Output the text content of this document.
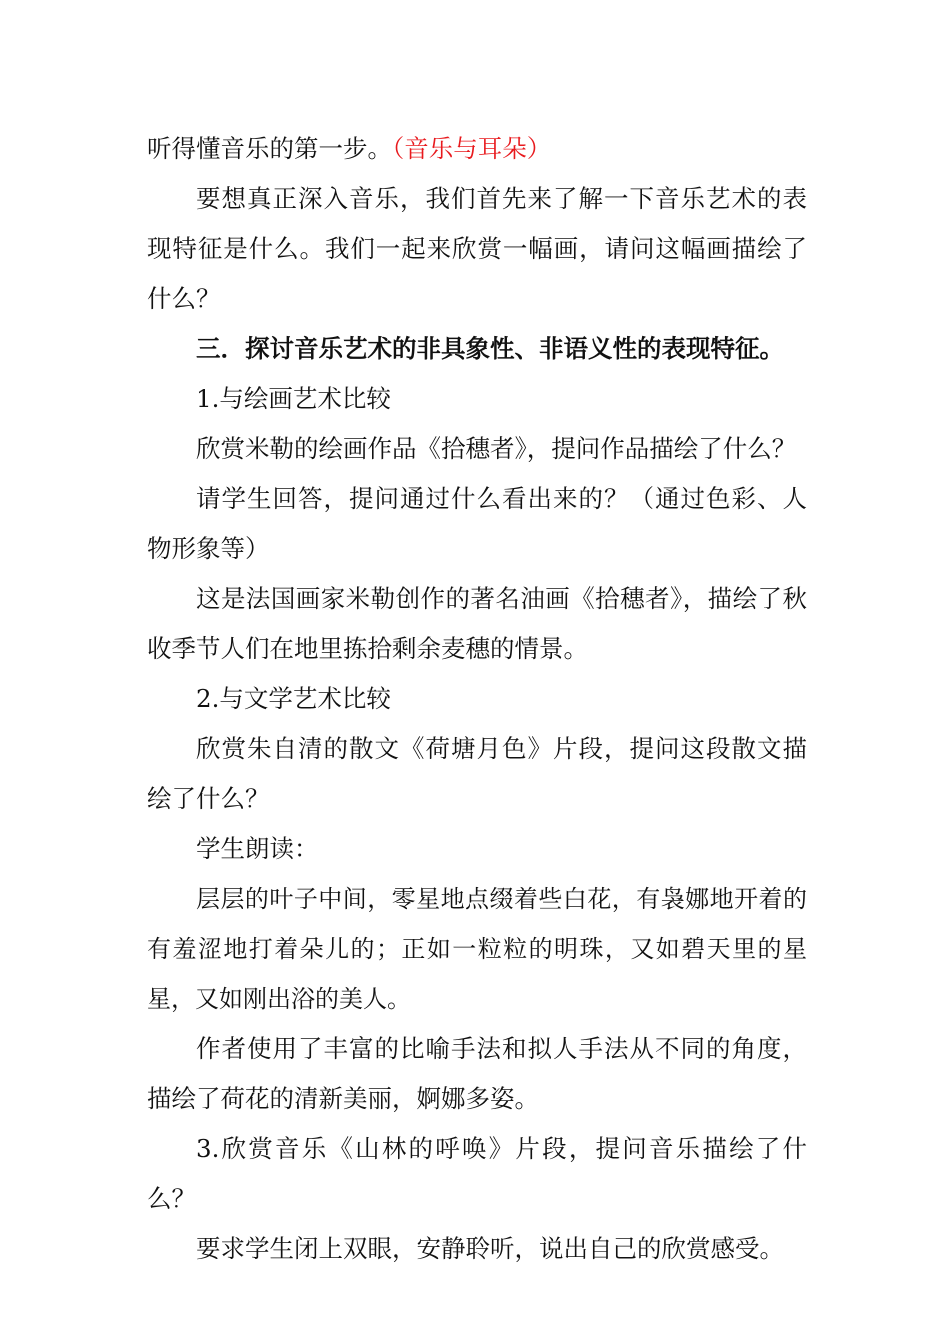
听得懂音乐的第一步。（音乐与耳朵）

要想真正深入音乐，我们首先来了解一下音乐艺术的表现特征是什么。我们一起来欣赏一幅画，请问这幅画描绘了什么？

三．探讨音乐艺术的非具象性、非语义性的表现特征。

1.与绘画艺术比较

欣赏米勒的绘画作品《拾穗者》，提问作品描绘了什么？

请学生回答，提问通过什么看出来的？（通过色彩、人物形象等）

这是法国画家米勒创作的著名油画《拾穗者》，描绘了秋收季节人们在地里拣拾剩余麦穗的情景。

2.与文学艺术比较

欣赏朱自清的散文《荷塘月色》片段，提问这段散文描绘了什么？

学生朗读：

层层的叶子中间，零星地点缀着些白花，有袅娜地开着的有羞涩地打着朵儿的；正如一粒粒的明珠，又如碧天里的星星，又如刚出浴的美人。

作者使用了丰富的比喻手法和拟人手法从不同的角度，描绘了荷花的清新美丽，婀娜多姿。

3.欣赏音乐《山林的呼唤》片段，提问音乐描绘了什么？

要求学生闭上双眼，安静聆听，说出自己的欣赏感受。
